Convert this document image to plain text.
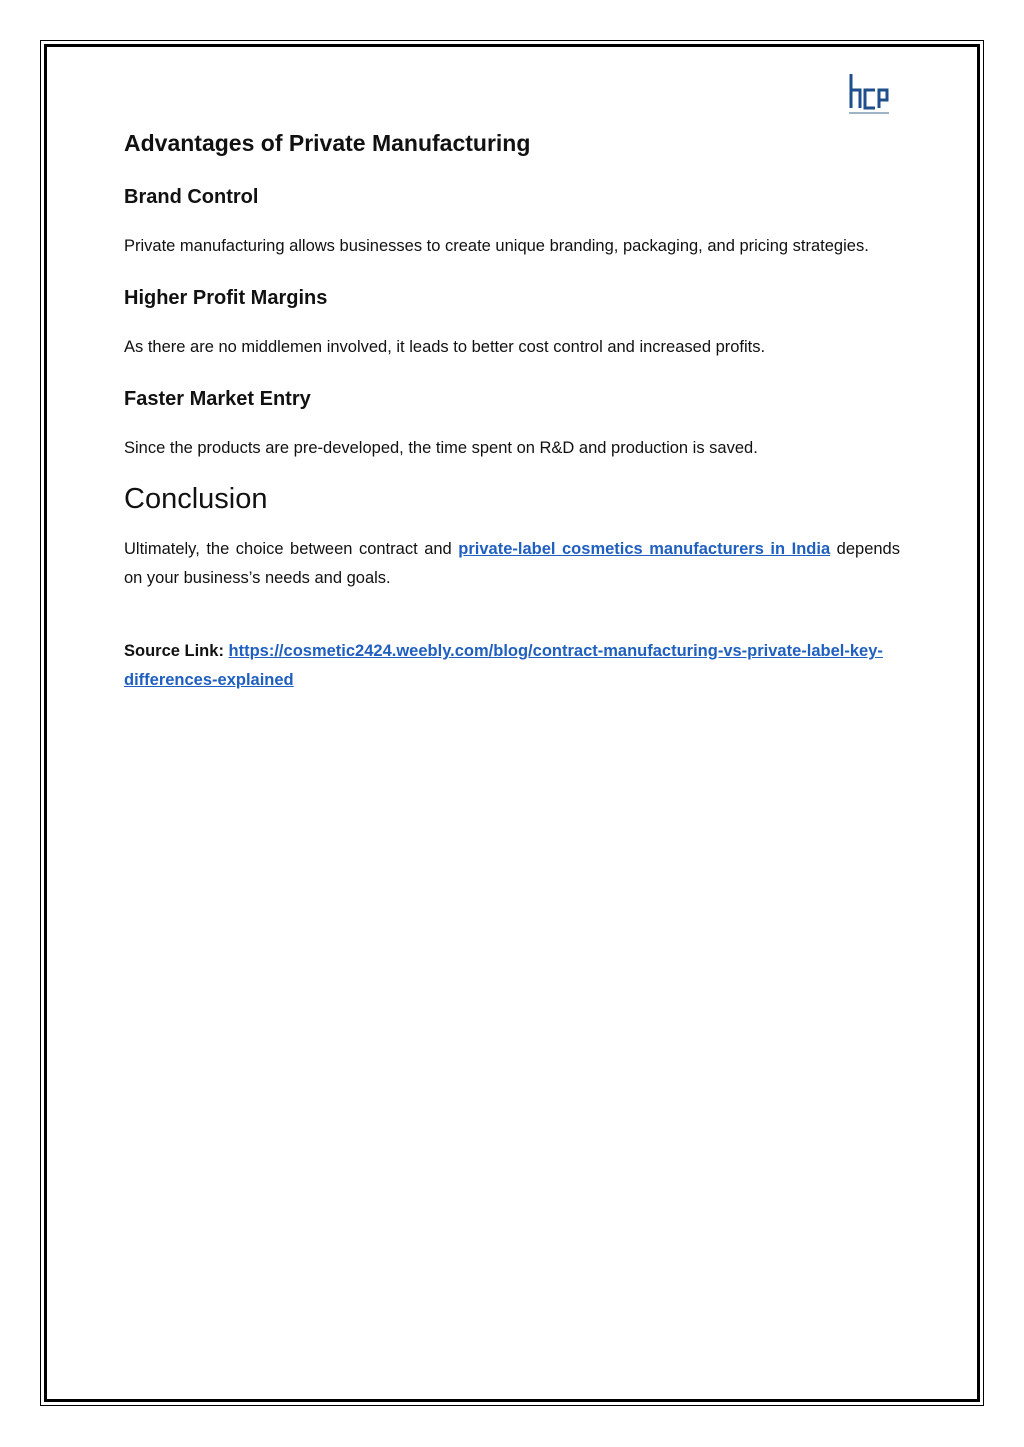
Advantages of Private Manufacturing
Brand Control

Private manufacturing allows businesses to create unique branding, packaging, and pricing strategies.

Higher Profit Margins

As there are no middlemen involved, it leads to better cost control and increased profits.

Faster Market Entry

Since the products are pre-developed, the time spent on R&D and production is saved.

Conclusion

Ultimately, the choice between contract and private-label cosmetics manufacturers in India depends on your business’s needs and goals.

Source Link: https://cosmetic2424.weebly.com/blog/contract-manufacturing-vs-private-label-key-differences-explained
